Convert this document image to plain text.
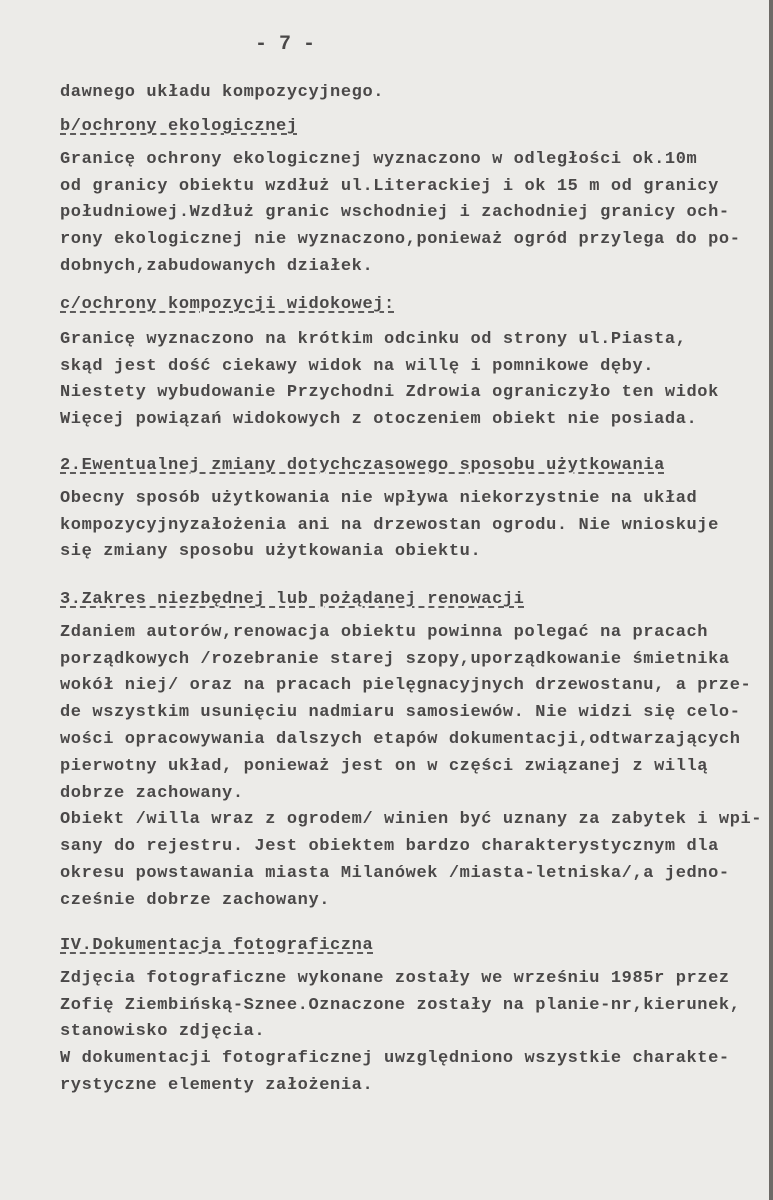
- 7 -
dawnego układu kompozycyjnego.
b/ochrony ekologicznej
Granicę ochrony ekologicznej wyznaczono w odległości ok.10m
od granicy obiektu wzdłuż ul.Literackiej i ok 15 m od granicy
południowej.Wzdłuż granic wschodniej i zachodniej granicy och-
rony ekologicznej nie wyznaczono,ponieważ ogród przylega do po-
dobnych,zabudowanych działek.
c/ochrony kompozycji widokowej:
Granicę wyznaczono na krótkim odcinku od strony ul.Piasta,
skąd jest dość ciekawy widok na willę i pomnikowe dęby.
Niestety wybudowanie Przychodni Zdrowia ograniczyło ten widok
Więcej powiązań widokowych z otoczeniem obiekt nie posiada.
2.Ewentualnej zmiany dotychczasowego sposobu użytkowania
Obecny sposób użytkowania nie wpływa niekorzystnie na układ
kompozycyjnyzałożenia ani na drzewostan ogrodu. Nie wnioskuje
się zmiany sposobu użytkowania obiektu.
3.Zakres niezbędnej lub pożądanej renowacji
Zdaniem autorów,renowacja obiektu powinna polegać na pracach
porządkowych /rozebranie starej szopy,uporządkowanie śmietnika
wokół niej/ oraz na pracach pielęgnacyjnych drzewostanu, a prze-
de wszystkim usunięciu nadmiaru samosiewów. Nie widzi się celo-
wości opracowywania dalszych etapów dokumentacji,odtwarzających
pierwotny układ, ponieważ jest on w części związanej z willą
dobrze zachowany.
Obiekt /willa wraz z ogrodem/ winien być uznany za zabytek i wpi-
sany do rejestru. Jest obiektem bardzo charakterystycznym dla
okresu powstawania miasta Milanówek /miasta-letniska/,a jedno-
cześnie dobrze zachowany.
IV.Dokumentacja fotograficzna
Zdjęcia fotograficzne wykonane zostały we wrześniu 1985r przez
Zofię Ziembińską-Sznee.Oznaczone zostały na planie-nr,kierunek,
stanowisko zdjęcia.
W dokumentacji fotograficznej uwzględniono wszystkie charakte-
rystyczne elementy założenia.
